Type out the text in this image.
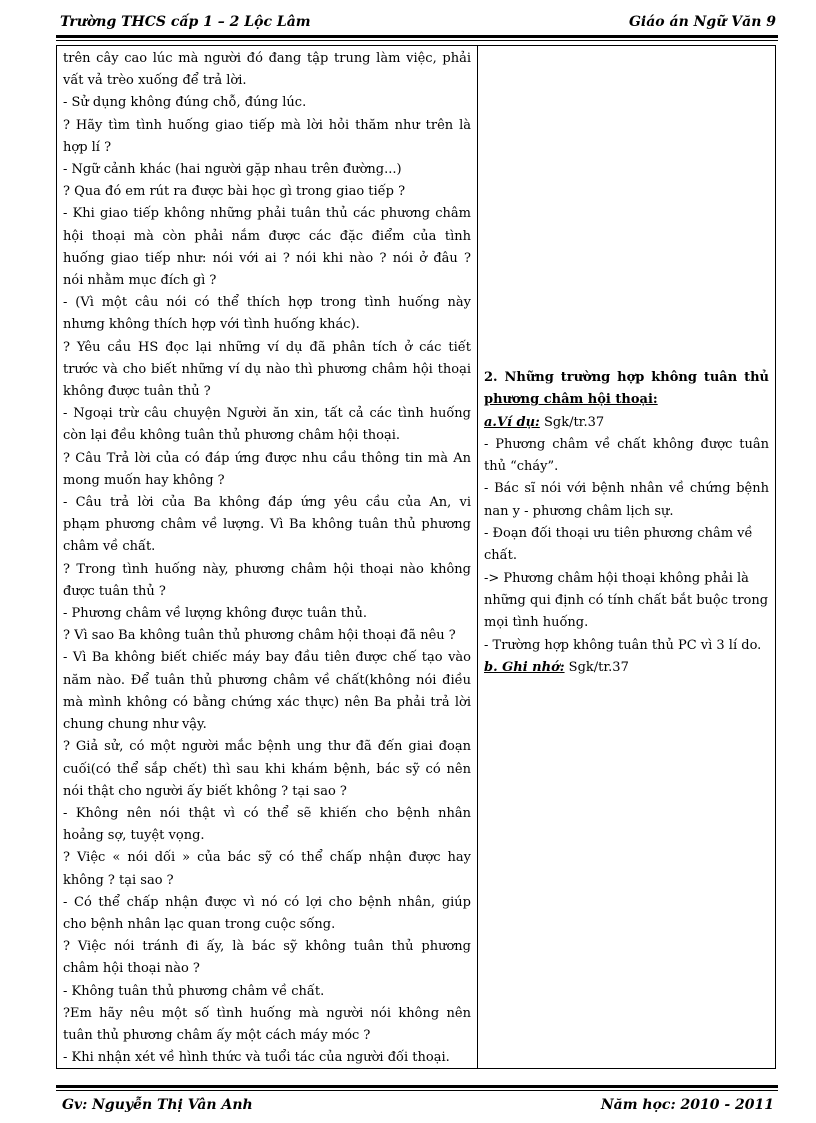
Trường THCS cấp 1 – 2 Lộc Lâm	Giáo án Ngữ Văn 9
trên cây cao lúc mà người đó đang tập trung làm việc, phải
vất vả trèo xuống để trả lời.
- Sử dụng không đúng chỗ, đúng lúc.
? Hãy tìm tình huống giao tiếp mà lời hỏi thăm như trên là
hợp lí ?
- Ngữ cảnh khác (hai người gặp nhau trên đường...)
? Qua đó em rút ra được bài học gì trong giao tiếp ?
- Khi giao tiếp không những phải tuân thủ các phương châm
hội thoại mà còn phải nắm được các đặc điểm của tình
huống giao tiếp như: nói với ai ? nói khi nào ? nói ở đâu ?
nói nhằm mục đích gì ?
- (Vì một câu nói có thể thích hợp trong tình huống này
nhưng không thích hợp với tình huống khác).
? Yêu cầu HS đọc lại những ví dụ đã phân tích ở các tiết
trước và cho biết những ví dụ nào thì phương châm hội thoại
không được tuân thủ ?
- Ngoại trừ câu chuyện Người ăn xin, tất cả các tình huống
còn lại đều không tuân thủ phương châm hội thoại.
? Câu Trả lời của có đáp ứng được nhu cầu thông tin mà An
mong muốn hay không ?
- Câu trả lời của Ba không đáp ứng yêu cầu của An, vi
phạm phương châm về lượng. Vì Ba không tuân thủ phương
châm về chất.
? Trong tình huống này, phương châm hội thoại nào không
được tuân thủ ?
- Phương châm về lượng không được tuân thủ.
? Vì sao Ba không tuân thủ phương châm hội thoại đã nêu ?
- Vì Ba không biết chiếc máy bay đầu tiên được chế tạo vào
năm nào. Để tuân thủ phương châm về chất(không nói điều
mà mình không có bằng chứng xác thực) nên Ba phải trả lời
chung chung như vậy.
? Giả sử, có một người mắc bệnh ung thư đã đến giai đoạn
cuối(có thể sắp chết) thì sau khi khám bệnh, bác sỹ có nên
nói thật cho người ấy biết không ? tại sao ?
- Không nên nói thật vì có thể sẽ khiến cho bệnh nhân
hoảng sợ, tuyệt vọng.
? Việc « nói dối » của bác sỹ có thể chấp nhận được hay
không ? tại sao ?
- Có thể chấp nhận được vì nó có lợi cho bệnh nhân, giúp
cho bệnh nhân lạc quan trong cuộc sống.
? Việc nói tránh đi ấy, là bác sỹ không tuân thủ phương
châm hội thoại nào ?
- Không tuân thủ phương châm về chất.
?Em hãy nêu một số tình huống mà người nói không nên
tuân thủ phương châm ấy một cách máy móc ?
- Khi nhận xét về hình thức và tuổi tác của người đối thoại.
2. Những trường hợp không tuân thủ
phương châm hội thoại:
a.Ví dụ: Sgk/tr.37
- Phương châm về chất không được tuân
thủ “cháy”.
- Bác sĩ nói với bệnh nhân về chứng bệnh
nan y - phương châm lịch sự.
- Đoạn đối thoại ưu tiên phương châm về
chất.
-> Phương châm hội thoại không phải là
những qui định có tính chất bắt buộc trong
mọi tình huống.
- Trường hợp không tuân thủ PC vì 3 lí do.
b. Ghi nhớ: Sgk/tr.37
Gv: Nguyễn Thị Vân Anh	Năm học: 2010 - 2011
